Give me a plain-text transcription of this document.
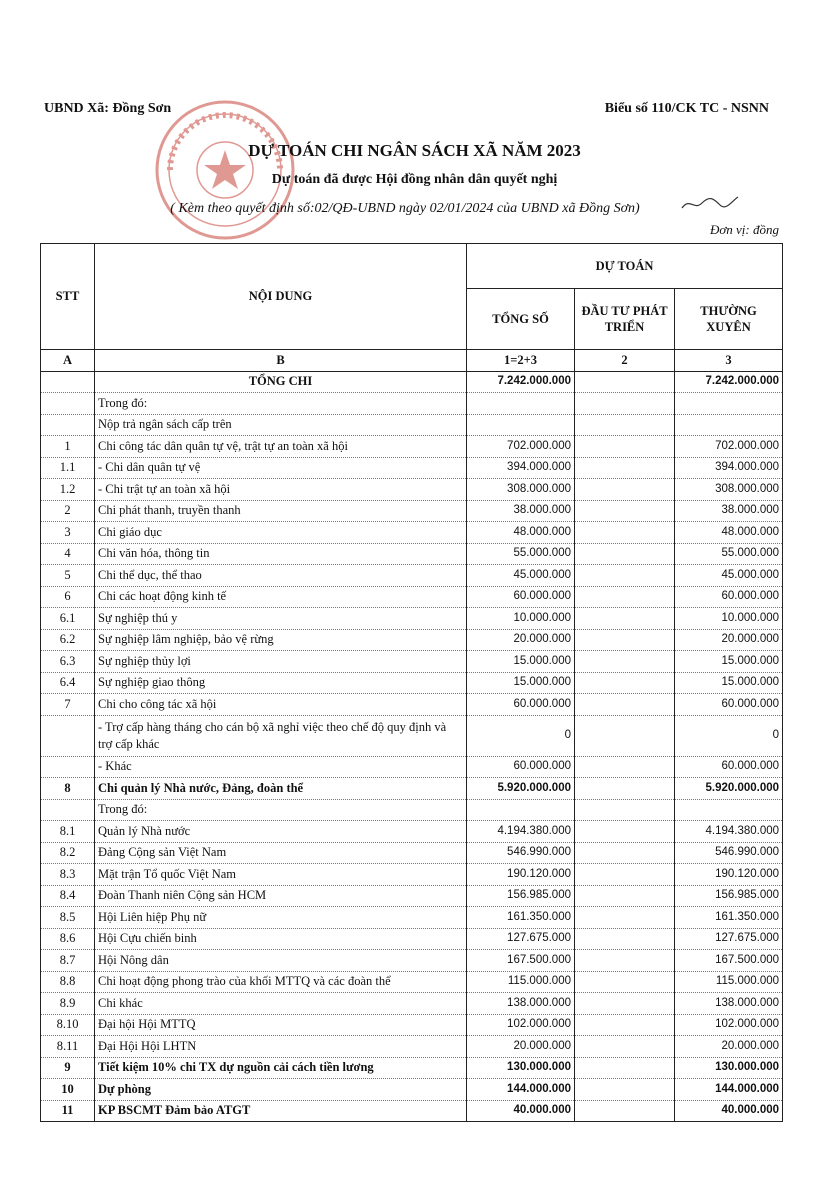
UBND Xã: Đồng Sơn	Biểu số 110/CK TC - NSNN
DỰ TOÁN CHI NGÂN SÁCH XÃ NĂM 2023
Dự toán đã được Hội đồng nhân dân quyết nghị
( Kèm theo quyết định số:02/QĐ-UBND ngày 02/01/2024 của UBND xã Đồng Sơn)
Đơn vị: đồng
STT	NỘI DUNG	DỰ TOÁN		
		TỔNG SỐ	ĐẦU TƯ PHÁT TRIỂN	THƯỜNG XUYÊN
A	B	1=2+3	2	3
	TỔNG CHI	7.242.000.000		7.242.000.000
	Trong đó:			
	Nộp trả ngân sách cấp trên			
1	Chi công tác dân quân tự vệ, trật tự an toàn xã hội	702.000.000		702.000.000
1.1	- Chi dân quân tự vệ	394.000.000		394.000.000
1.2	- Chi trật tự an toàn xã hội	308.000.000		308.000.000
2	Chi phát thanh, truyền thanh	38.000.000		38.000.000
3	Chi giáo dục	48.000.000		48.000.000
4	Chi văn hóa, thông tin	55.000.000		55.000.000
5	Chi thể dục, thể thao	45.000.000		45.000.000
6	Chi các hoạt động kinh tế	60.000.000		60.000.000
6.1	Sự nghiệp thú y	10.000.000		10.000.000
6.2	Sự nghiệp lâm nghiệp, bảo vệ rừng	20.000.000		20.000.000
6.3	Sự nghiệp thủy lợi	15.000.000		15.000.000
6.4	Sự nghiệp giao thông	15.000.000		15.000.000
7	Chi cho công tác xã hội	60.000.000		60.000.000
	- Trợ cấp hàng tháng cho cán bộ xã nghỉ việc theo chế độ quy định và trợ cấp khác	0		0
	- Khác	60.000.000		60.000.000
8	Chi quản lý Nhà nước, Đảng, đoàn thể	5.920.000.000		5.920.000.000
	Trong đó:			
8.1	Quản lý Nhà nước	4.194.380.000		4.194.380.000
8.2	Đảng Cộng sản Việt Nam	546.990.000		546.990.000
8.3	Mặt trận Tổ quốc Việt Nam	190.120.000		190.120.000
8.4	Đoàn Thanh niên Cộng sản HCM	156.985.000		156.985.000
8.5	Hội Liên hiệp Phụ nữ	161.350.000		161.350.000
8.6	Hội Cựu chiến binh	127.675.000		127.675.000
8.7	Hội Nông dân	167.500.000		167.500.000
8.8	Chi hoạt động phong trào của khối MTTQ và các đoàn thể	115.000.000		115.000.000
8.9	Chi khác	138.000.000		138.000.000
8.10	Đại hội Hội MTTQ	102.000.000		102.000.000
8.11	Đại Hội Hội LHTN	20.000.000		20.000.000
9	Tiết kiệm 10% chi TX dự nguồn cải cách tiền lương	130.000.000		130.000.000
10	Dự phòng	144.000.000		144.000.000
11	KP BSCMT Đảm bảo ATGT	40.000.000		40.000.000
